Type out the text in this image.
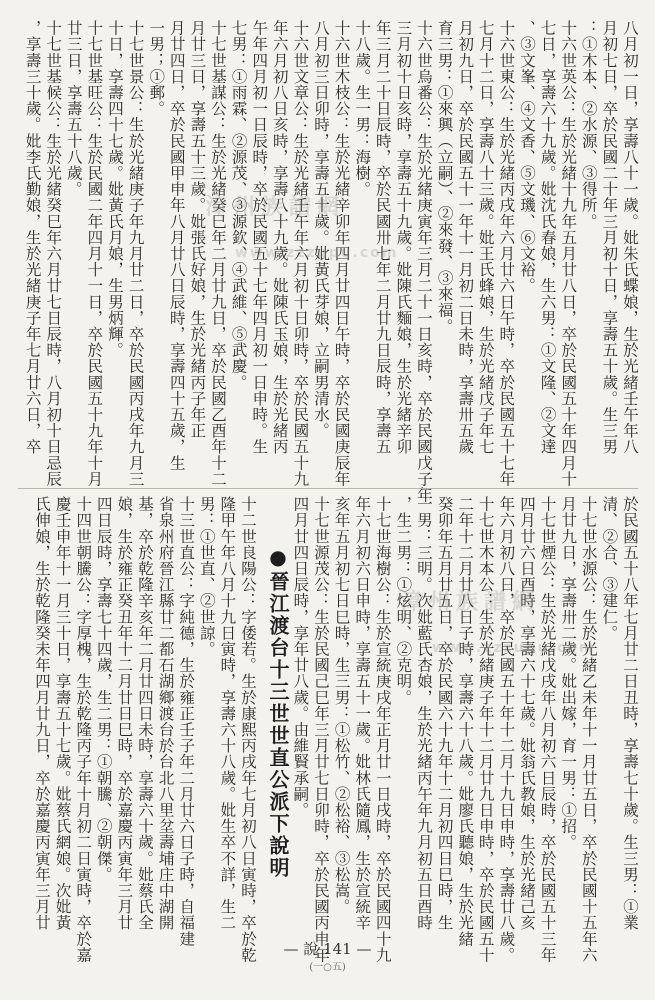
八月初一日，享壽八十一歲。妣朱氏蝶娘，生於光緒壬午年八
月初七日，卒於民國二十年三月初十日，享壽五十歲。生三男
：①木本、②水源、③得所。
十六世英公：生於光緒十九年五月廿八日，卒於民國五十年四月十
七日，享壽六十九歲。妣沈氏春娘，生六男：①文隆、②文達
、③文峯、④文香、⑤文璣、⑥文裕。
十六世東公：生於光緒丙戌年六月廿六日午時，卒於民國五十七年
七月十二日，享壽八十三歲。妣王氏蜂娘，生於光緒戊子年七
月初九日，卒於民國五十一年十一月初二日未時，享壽卅五歲
育三男：①來興（立嗣）、②來發、③來福。
十六世烏番公：生於光緒庚寅年三月二十一日亥時，卒於民國戊子年
三月初十日亥時，享壽五十九歲。妣陳氏麵娘，生於光緒辛卯
年三月二十日辰時，卒於民國卅七年二月廿九日辰時，享壽五
十八歲。生一男：海樹。
十六世木枝公：生於光緒辛卯年四月廿四日午時，卒於民國庚辰年
八月初三日卯時，享壽五十歲。妣黃氏芽娘，立嗣男清水。
十六世文章公：生於光緒壬午年六月初十日卯時，卒於民國五十九
年六月初八日亥時，享壽八十九歲。妣陳氏玉娘，生於光緒丙
午年四月初一日辰時，卒於民國五十七年四月初一日申時。生
七男：①雨霖、②源茂、③源欽、④武維、⑤武慶。
十七世基謀公：生於光緒癸巳年二月廿九日，卒於民國乙酉年十二
月廿三日，享壽五十三歲。妣張氏好娘，生於光緒丙子年正
月廿四日，卒於民國甲申年八月廿八日辰時，享壽四十五歲，生
一男；①郵。
十七世景公：生於光緒庚子年九月廿二日，卒於民國丙戌年九月三
十日，享壽四十七歲。妣黃氏月娘，生男炳輝。
十七世基旺公：生於民國二年四月十一日，卒於民國五十九年十月
廿三日，享壽五十八歲。
十七世基候公：生於光緒癸巳年六月廿七日辰時，八月初十日忌辰
，享壽三十歲。妣李氏勤娘，生於光緒庚子年七月廿六日，卒
於民國五十八年七月廿二日丑時，享壽七十歲。生三男：①業
清、②合、③建仁。
十七世水源公：生於光緒乙未年十一月廿五日，卒於民國十五年六
月廿九日，享壽卅二歲。妣出嫁，育一男：①招。
十七世煙公：生於光緒戊戌年八月初六日辰時，卒於民國五十三年
四月廿六日酉時，享壽六十七歲。妣翁氏教娘，生於光緒己亥
年六月初八日，卒於民國五十年十二月十九日申時，享壽廿八歲。
十七世木本公：生於光緒庚子年十二月廿九日申時，卒於民國五十
二年十二月廿八日子時，享壽六十八歲。妣廖氏聽娘，生於光緒
癸卯年五月廿五日，卒於民國六十九年十二月初四日巳時，生
一男：三明。次妣藍氏杏娘，生於光緒丙午年九月初五日酉時
，生二男：①炫明、②克明。
十七世海樹公：生於宣統庚戌年正月廿一日戌時，卒於民國四十九
年六月初六日申時，享壽五十一歲。妣林氏隨鳳，生於宣統辛
亥年五月初七日巳時，生三男：①松竹、②松裕、③松嵩。
十七世源茂公：生於民國己巳年三月廿七日卯時，卒於民國丙申年
四月廿四日辰時，享年廿八歲。由維賢承嗣。
●晉江渡台十三世世直公派下說明
十二世良陽公：字倭若。生於康熙丙戌年七月初八日寅時，卒於乾
隆甲午年八月十九日寅時，享壽六十八歲。妣生卒不詳，生二
男：①世直、②世諒。
十三世直公：字純德，生於雍正壬子年二月廿六日子時，自福建
省泉州府晉江縣廿二都石湖鄉渡台於台北八里坌壽埔庄中湖開
基，卒於乾隆辛亥年二月廿四日未時，享壽六十歲。妣蔡氏全
娘，生於雍正癸丑年十二月廿日巳時，卒於嘉慶丙寅年三月廿
四日辰時，享壽七十四歲，生二男：①朝騰、②朝傑。
十四世朝騰公：字厚槐，生於乾隆丙子年十月初二日寅時，卒於嘉
慶壬申年十一月三十日，享壽五十七歲。妣蔡氏網娘。次妣黃
氏伸娘，生於乾隆癸未年四月廿九日，卒於嘉慶丙寅年三月廿
漳州族譜網
www.zzzupu.com
漳州族譜網
www.zzzupu.com
— 說 141 —
(一○五)
